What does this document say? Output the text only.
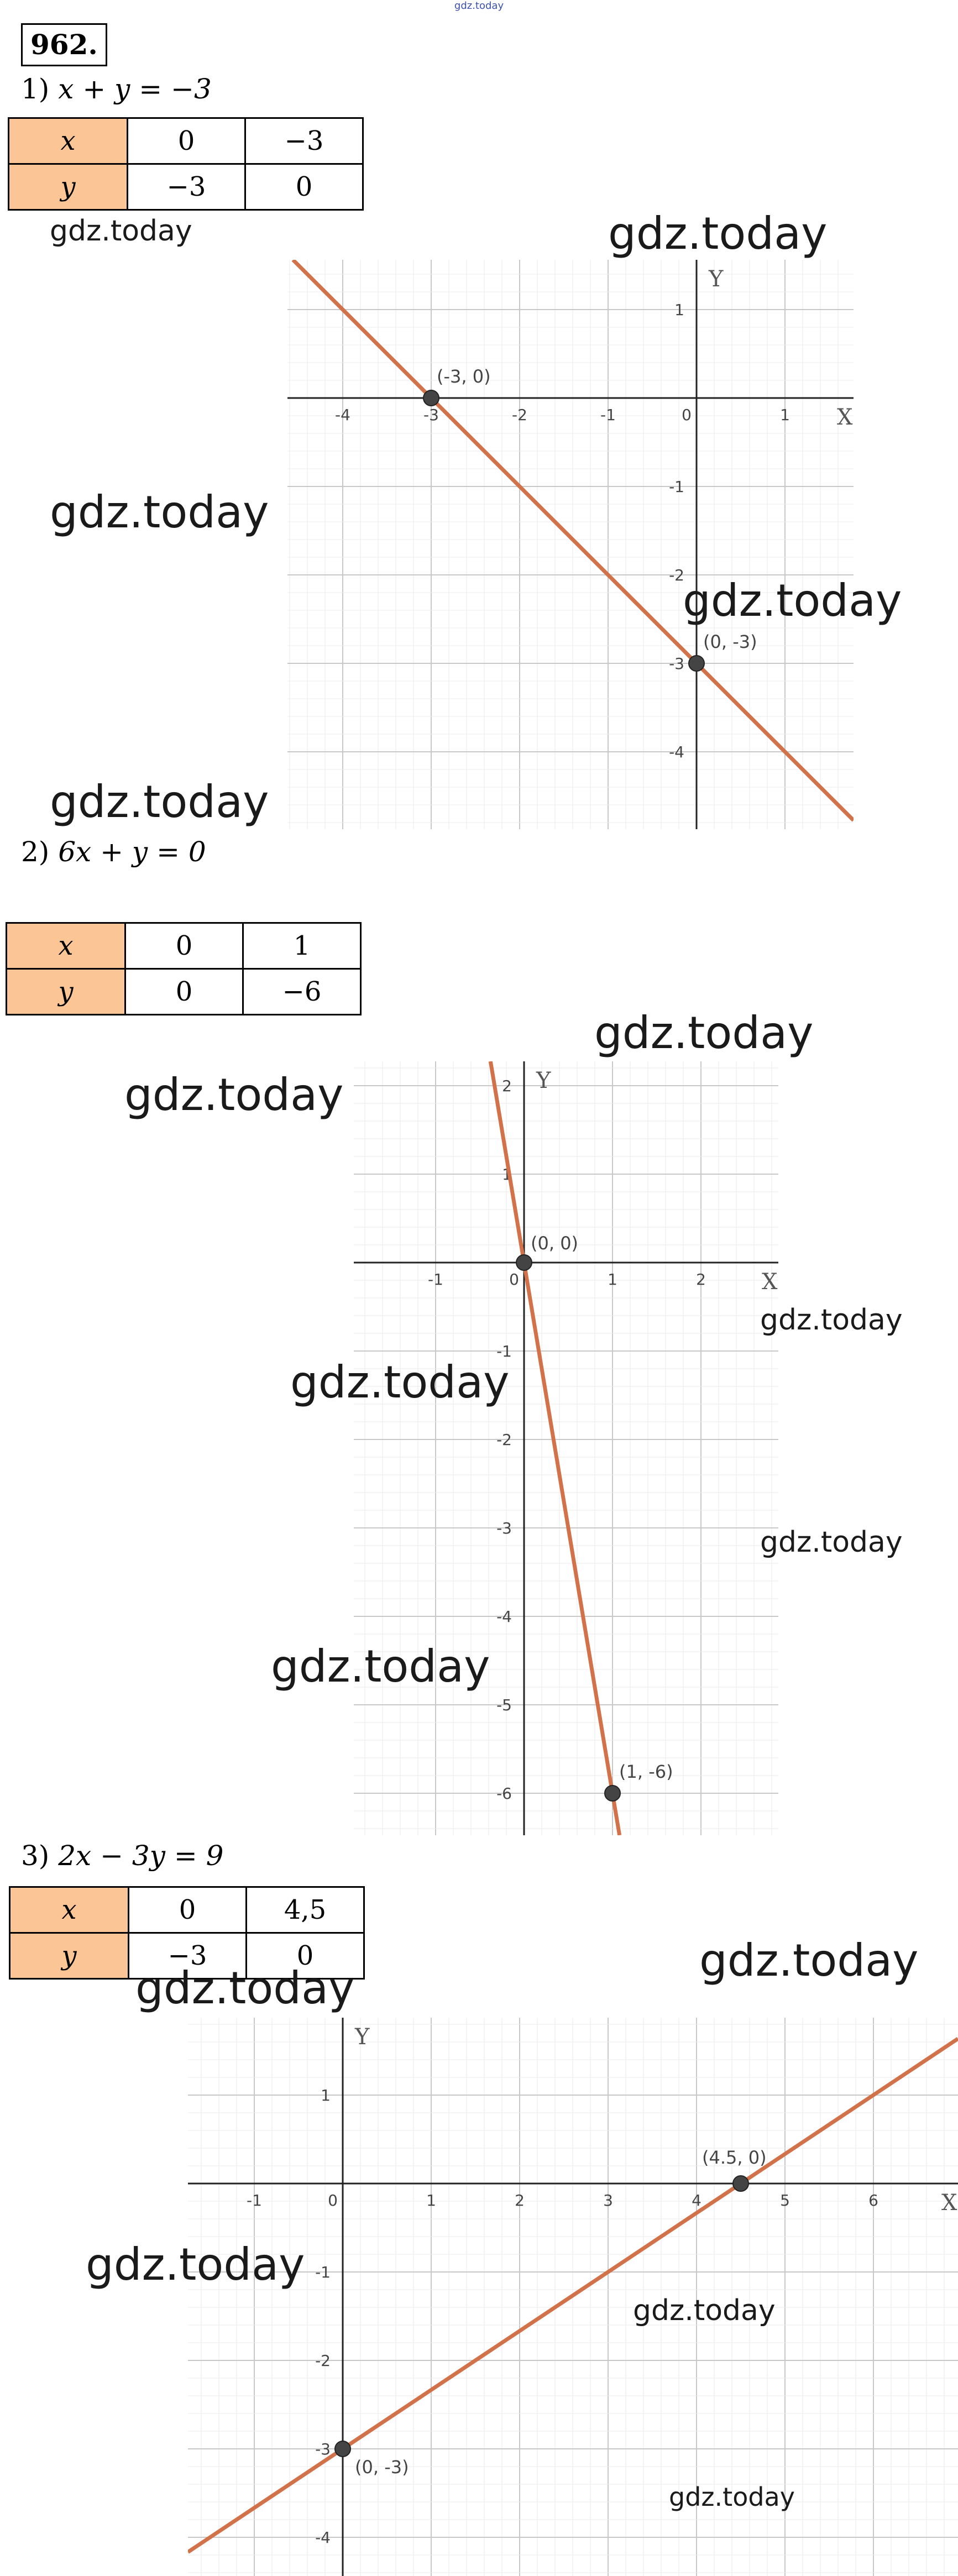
gdz.today
962.
1) x + y = −3
x	0	−3
y	−3	0
-4	-3	-2	-1	0	1
1
-1
-2
-3
-4
X
Y
(-3, 0)
(0, -3)
2) 6x + y = 0
x	0	1
y	0	−6
-1	0	1	2
2
1
-1
-2
-3
-4
-5
-6
X
Y
(0, 0)
(1, -6)
3) 2x − 3y = 9
x	0	4,5
y	−3	0
-1	0	1	2	3	4	5	6
1
-1
-2
-3
-4
X
Y
(4.5, 0)
(0, -3)
gdz.today	gdz.today
gdz.today
gdz.today
gdz.today
gdz.today
gdz.today
gdz.today
gdz.today
gdz.today
gdz.today
gdz.today
gdz.today
gdz.today
gdz.today
gdz.today
